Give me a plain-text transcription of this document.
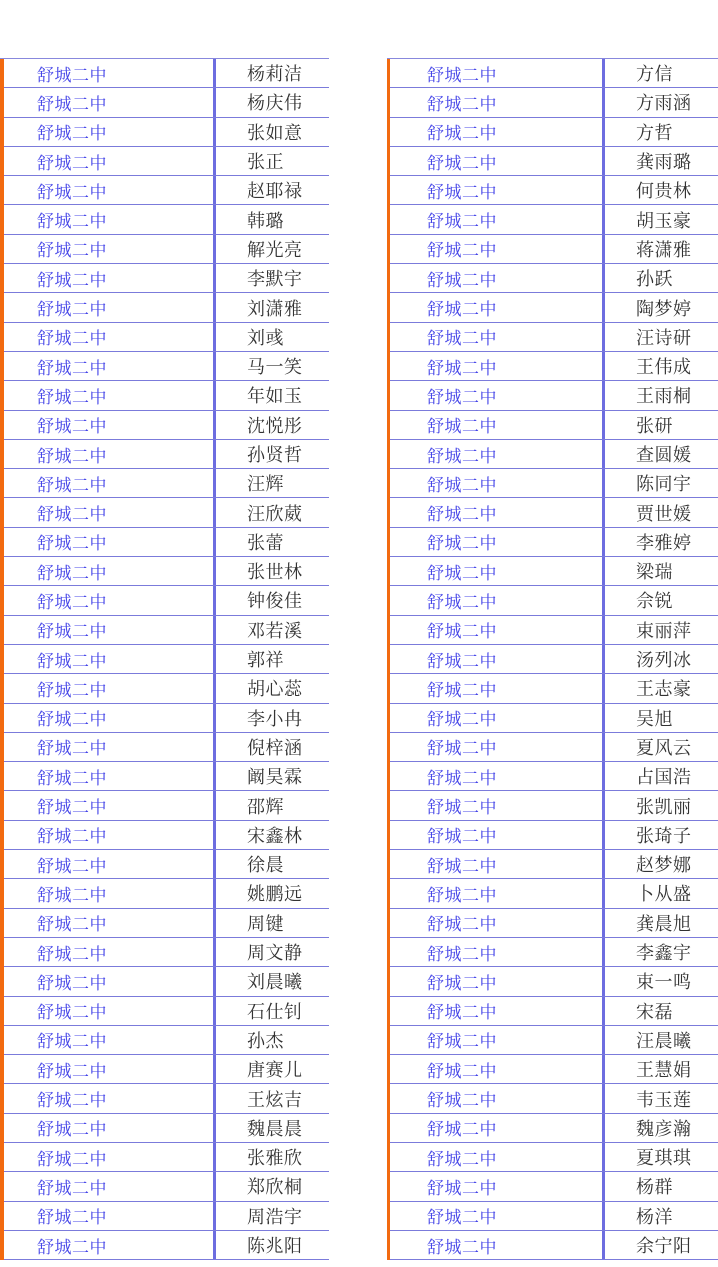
舒城二中	杨莉洁
舒城二中	杨庆伟
舒城二中	张如意
舒城二中	张正
舒城二中	赵耶禄
舒城二中	韩璐
舒城二中	解光亮
舒城二中	李默宇
舒城二中	刘潇雅
舒城二中	刘彧
舒城二中	马一笑
舒城二中	年如玉
舒城二中	沈悦彤
舒城二中	孙贤哲
舒城二中	汪辉
舒城二中	汪欣葳
舒城二中	张蕾
舒城二中	张世林
舒城二中	钟俊佳
舒城二中	邓若溪
舒城二中	郭祥
舒城二中	胡心蕊
舒城二中	李小冉
舒城二中	倪梓涵
舒城二中	阚昊霖
舒城二中	邵辉
舒城二中	宋鑫林
舒城二中	徐晨
舒城二中	姚鹏远
舒城二中	周键
舒城二中	周文静
舒城二中	刘晨曦
舒城二中	石仕钊
舒城二中	孙杰
舒城二中	唐赛儿
舒城二中	王炫吉
舒城二中	魏晨晨
舒城二中	张雅欣
舒城二中	郑欣桐
舒城二中	周浩宇
舒城二中	陈兆阳
舒城二中	方信
舒城二中	方雨涵
舒城二中	方哲
舒城二中	龚雨璐
舒城二中	何贵林
舒城二中	胡玉豪
舒城二中	蒋潇雅
舒城二中	孙跃
舒城二中	陶梦婷
舒城二中	汪诗研
舒城二中	王伟成
舒城二中	王雨桐
舒城二中	张研
舒城二中	查圆媛
舒城二中	陈同宇
舒城二中	贾世媛
舒城二中	李雅婷
舒城二中	梁瑞
舒城二中	佘锐
舒城二中	束丽萍
舒城二中	汤列冰
舒城二中	王志豪
舒城二中	吴旭
舒城二中	夏风云
舒城二中	占国浩
舒城二中	张凯丽
舒城二中	张琦子
舒城二中	赵梦娜
舒城二中	卜从盛
舒城二中	龚晨旭
舒城二中	李鑫宇
舒城二中	束一鸣
舒城二中	宋磊
舒城二中	汪晨曦
舒城二中	王慧娟
舒城二中	韦玉莲
舒城二中	魏彦瀚
舒城二中	夏琪琪
舒城二中	杨群
舒城二中	杨洋
舒城二中	余宁阳
